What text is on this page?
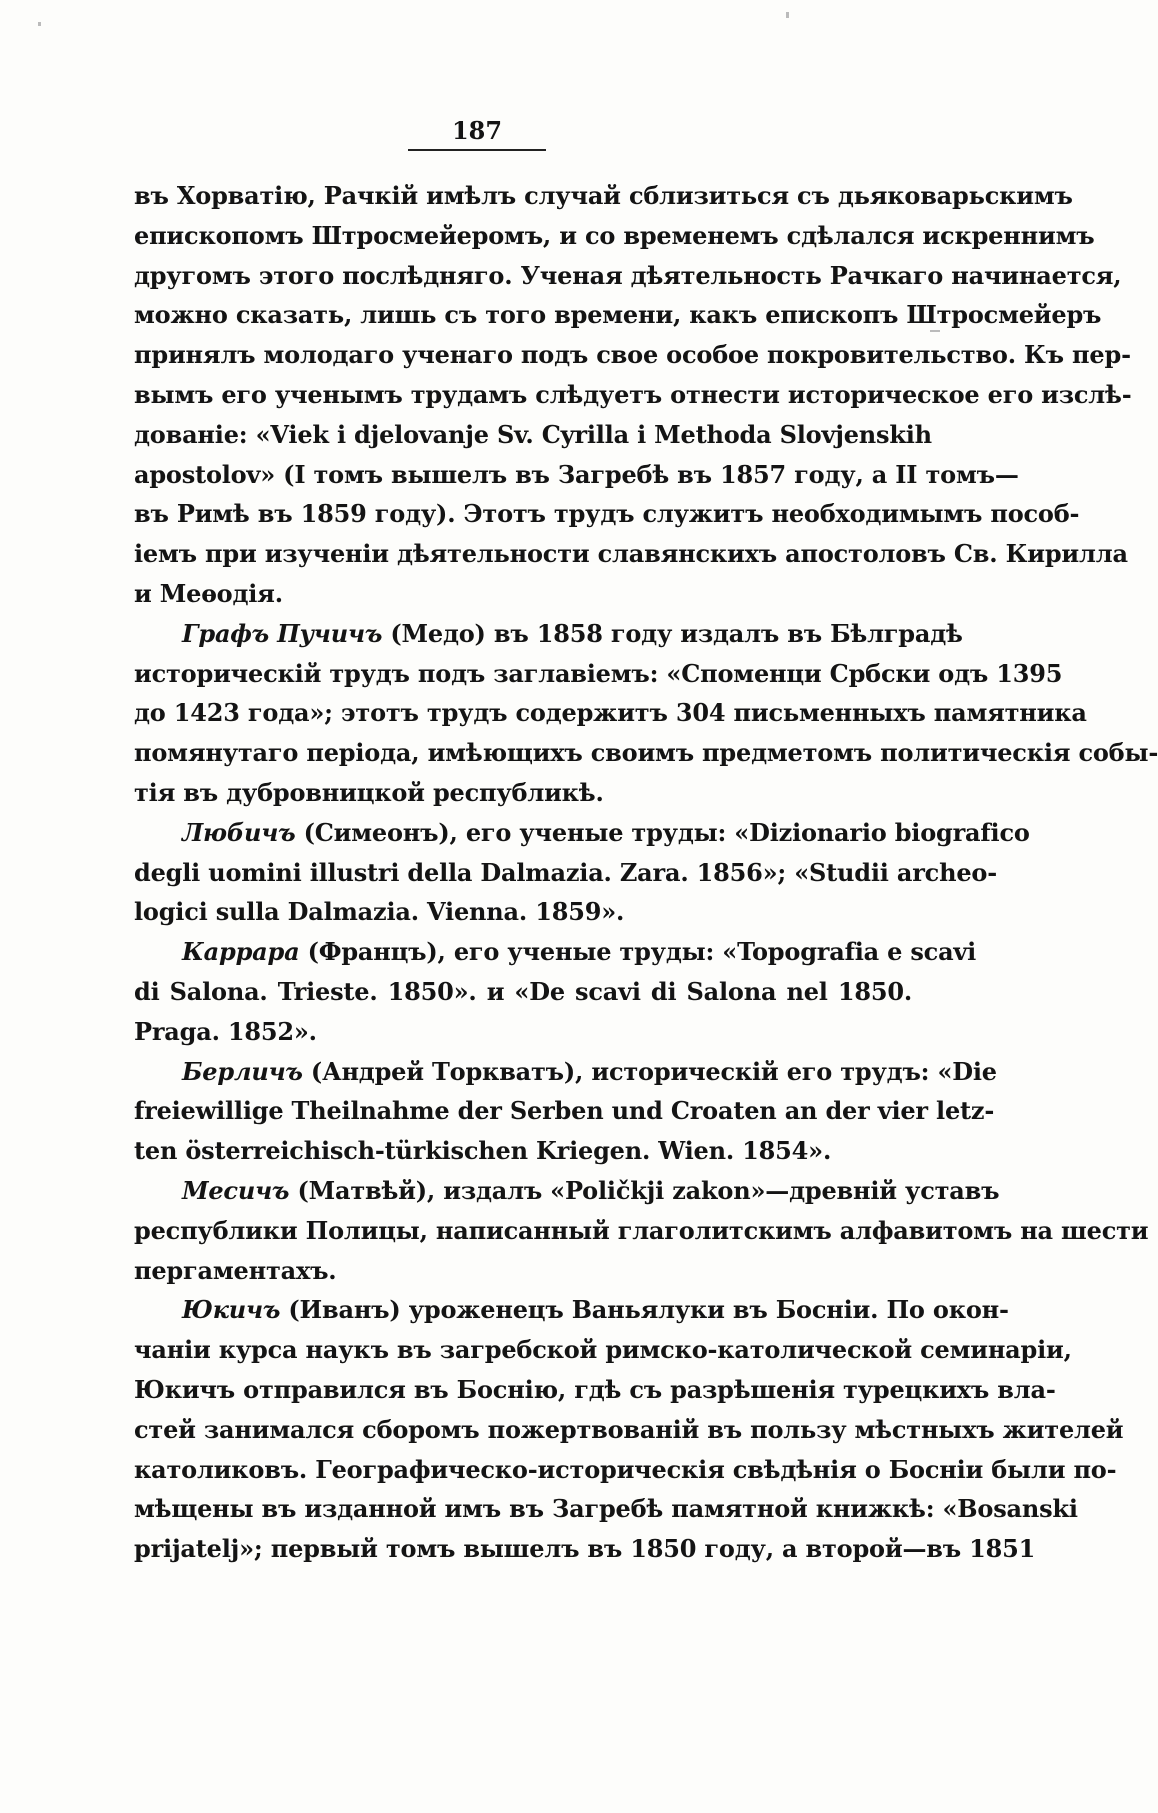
187
въ Хорватію, Рачкій имѣлъ случай сблизиться съ дьяковарьскимъ
епископомъ Штросмейеромъ, и со временемъ сдѣлался искреннимъ
другомъ этого послѣдняго. Ученая дѣятельность Рачкаго начинается,
можно сказать, лишь съ того времени, какъ епископъ Штросмейеръ
принялъ молодаго ученаго подъ свое особое покровительство. Къ пер-
вымъ его ученымъ трудамъ слѣдуетъ отнести историческое его изслѣ-
дованіе: «Viek i djelovanje Sv. Cyrilla i Methoda Slovjenskih
apostolov» (I томъ вышелъ въ Загребѣ въ 1857 году, а II томъ—
въ Римѣ въ 1859 году). Этотъ трудъ служитъ необходимымъ пособ-
іемъ при изученіи дѣятельности славянскихъ апостоловъ Св. Кирилла
и Меѳодія.
Графъ Пучичъ (Медо) въ 1858 году издалъ въ Бѣлградѣ
историческій трудъ подъ заглавіемъ: «Споменци Србски одъ 1395
до 1423 года»; этотъ трудъ содержитъ 304 письменныхъ памятника
помянутаго періода, имѣющихъ своимъ предметомъ политическія собы-
тія въ дубровницкой республикѣ.
Любичъ (Симеонъ), его ученые труды: «Dizionario biografico
degli uomini illustri della Dalmazia. Zara. 1856»; «Studii archeo-
logici sulla Dalmazia. Vienna. 1859».
Каррара (Францъ), его ученые труды: «Topografia e scavi
di Salona. Trieste. 1850». и «De scavi di Salona nel 1850.
Praga. 1852».
Берличъ (Андрей Торкватъ), историческій его трудъ: «Die
freiewillige Theilnahme der Serben und Croaten an der vier letz-
ten österreichisch-türkischen Kriegen. Wien. 1854».
Месичъ (Матвѣй), издалъ «Poličkji zakon»—древній уставъ
республики Полицы, написанный глаголитскимъ алфавитомъ на шести
пергаментахъ.
Юкичъ (Иванъ) уроженецъ Ваньялуки въ Босніи. По окон-
чаніи курса наукъ въ загребской римско-католической семинаріи,
Юкичъ отправился въ Боснію, гдѣ съ разрѣшенія турецкихъ вла-
стей занимался сборомъ пожертвованій въ пользу мѣстныхъ жителей
католиковъ. Географическо-историческія свѣдѣнія о Босніи были по-
мѣщены въ изданной имъ въ Загребѣ памятной книжкѣ: «Bosanski
prijatelj»; первый томъ вышелъ въ 1850 году, а второй—въ 1851
